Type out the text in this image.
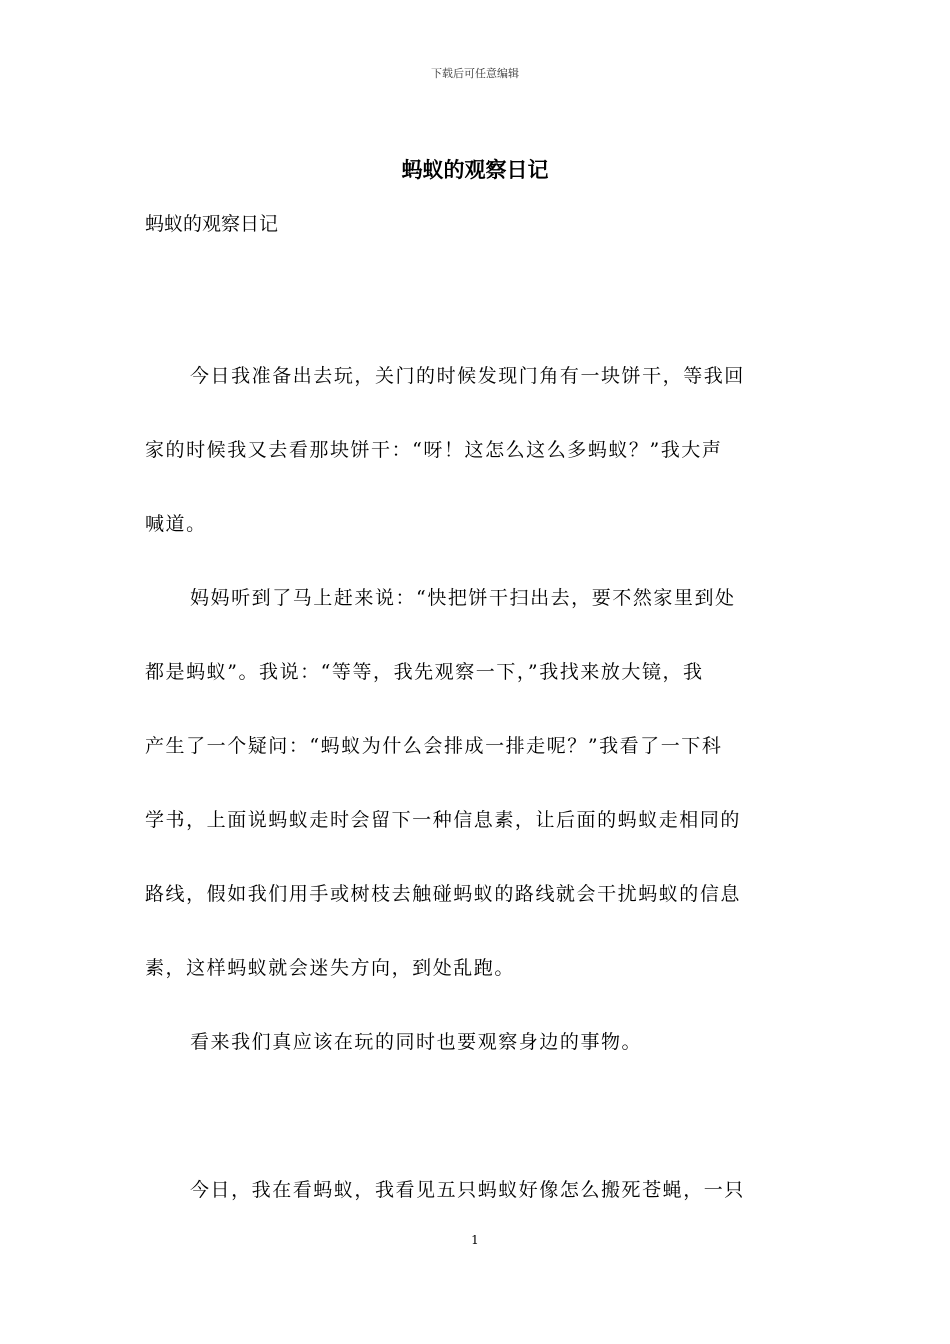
下载后可任意编辑
蚂蚁的观察日记
蚂蚁的观察日记
今日我准备出去玩，关门的时候发现门角有一块饼干，等我回
家的时候我又去看那块饼干：“呀！这怎么这么多蚂蚁？”我大声
喊道。
妈妈听到了马上赶来说：“快把饼干扫出去，要不然家里到处
都是蚂蚁”。我说：“等等，我先观察一下，”我找来放大镜，我
产生了一个疑问：“蚂蚁为什么会排成一排走呢？”我看了一下科
学书，上面说蚂蚁走时会留下一种信息素，让后面的蚂蚁走相同的
路线，假如我们用手或树枝去触碰蚂蚁的路线就会干扰蚂蚁的信息
素，这样蚂蚁就会迷失方向，到处乱跑。
看来我们真应该在玩的同时也要观察身边的事物。
今日，我在看蚂蚁，我看见五只蚂蚁好像怎么搬死苍蝇，一只
1
